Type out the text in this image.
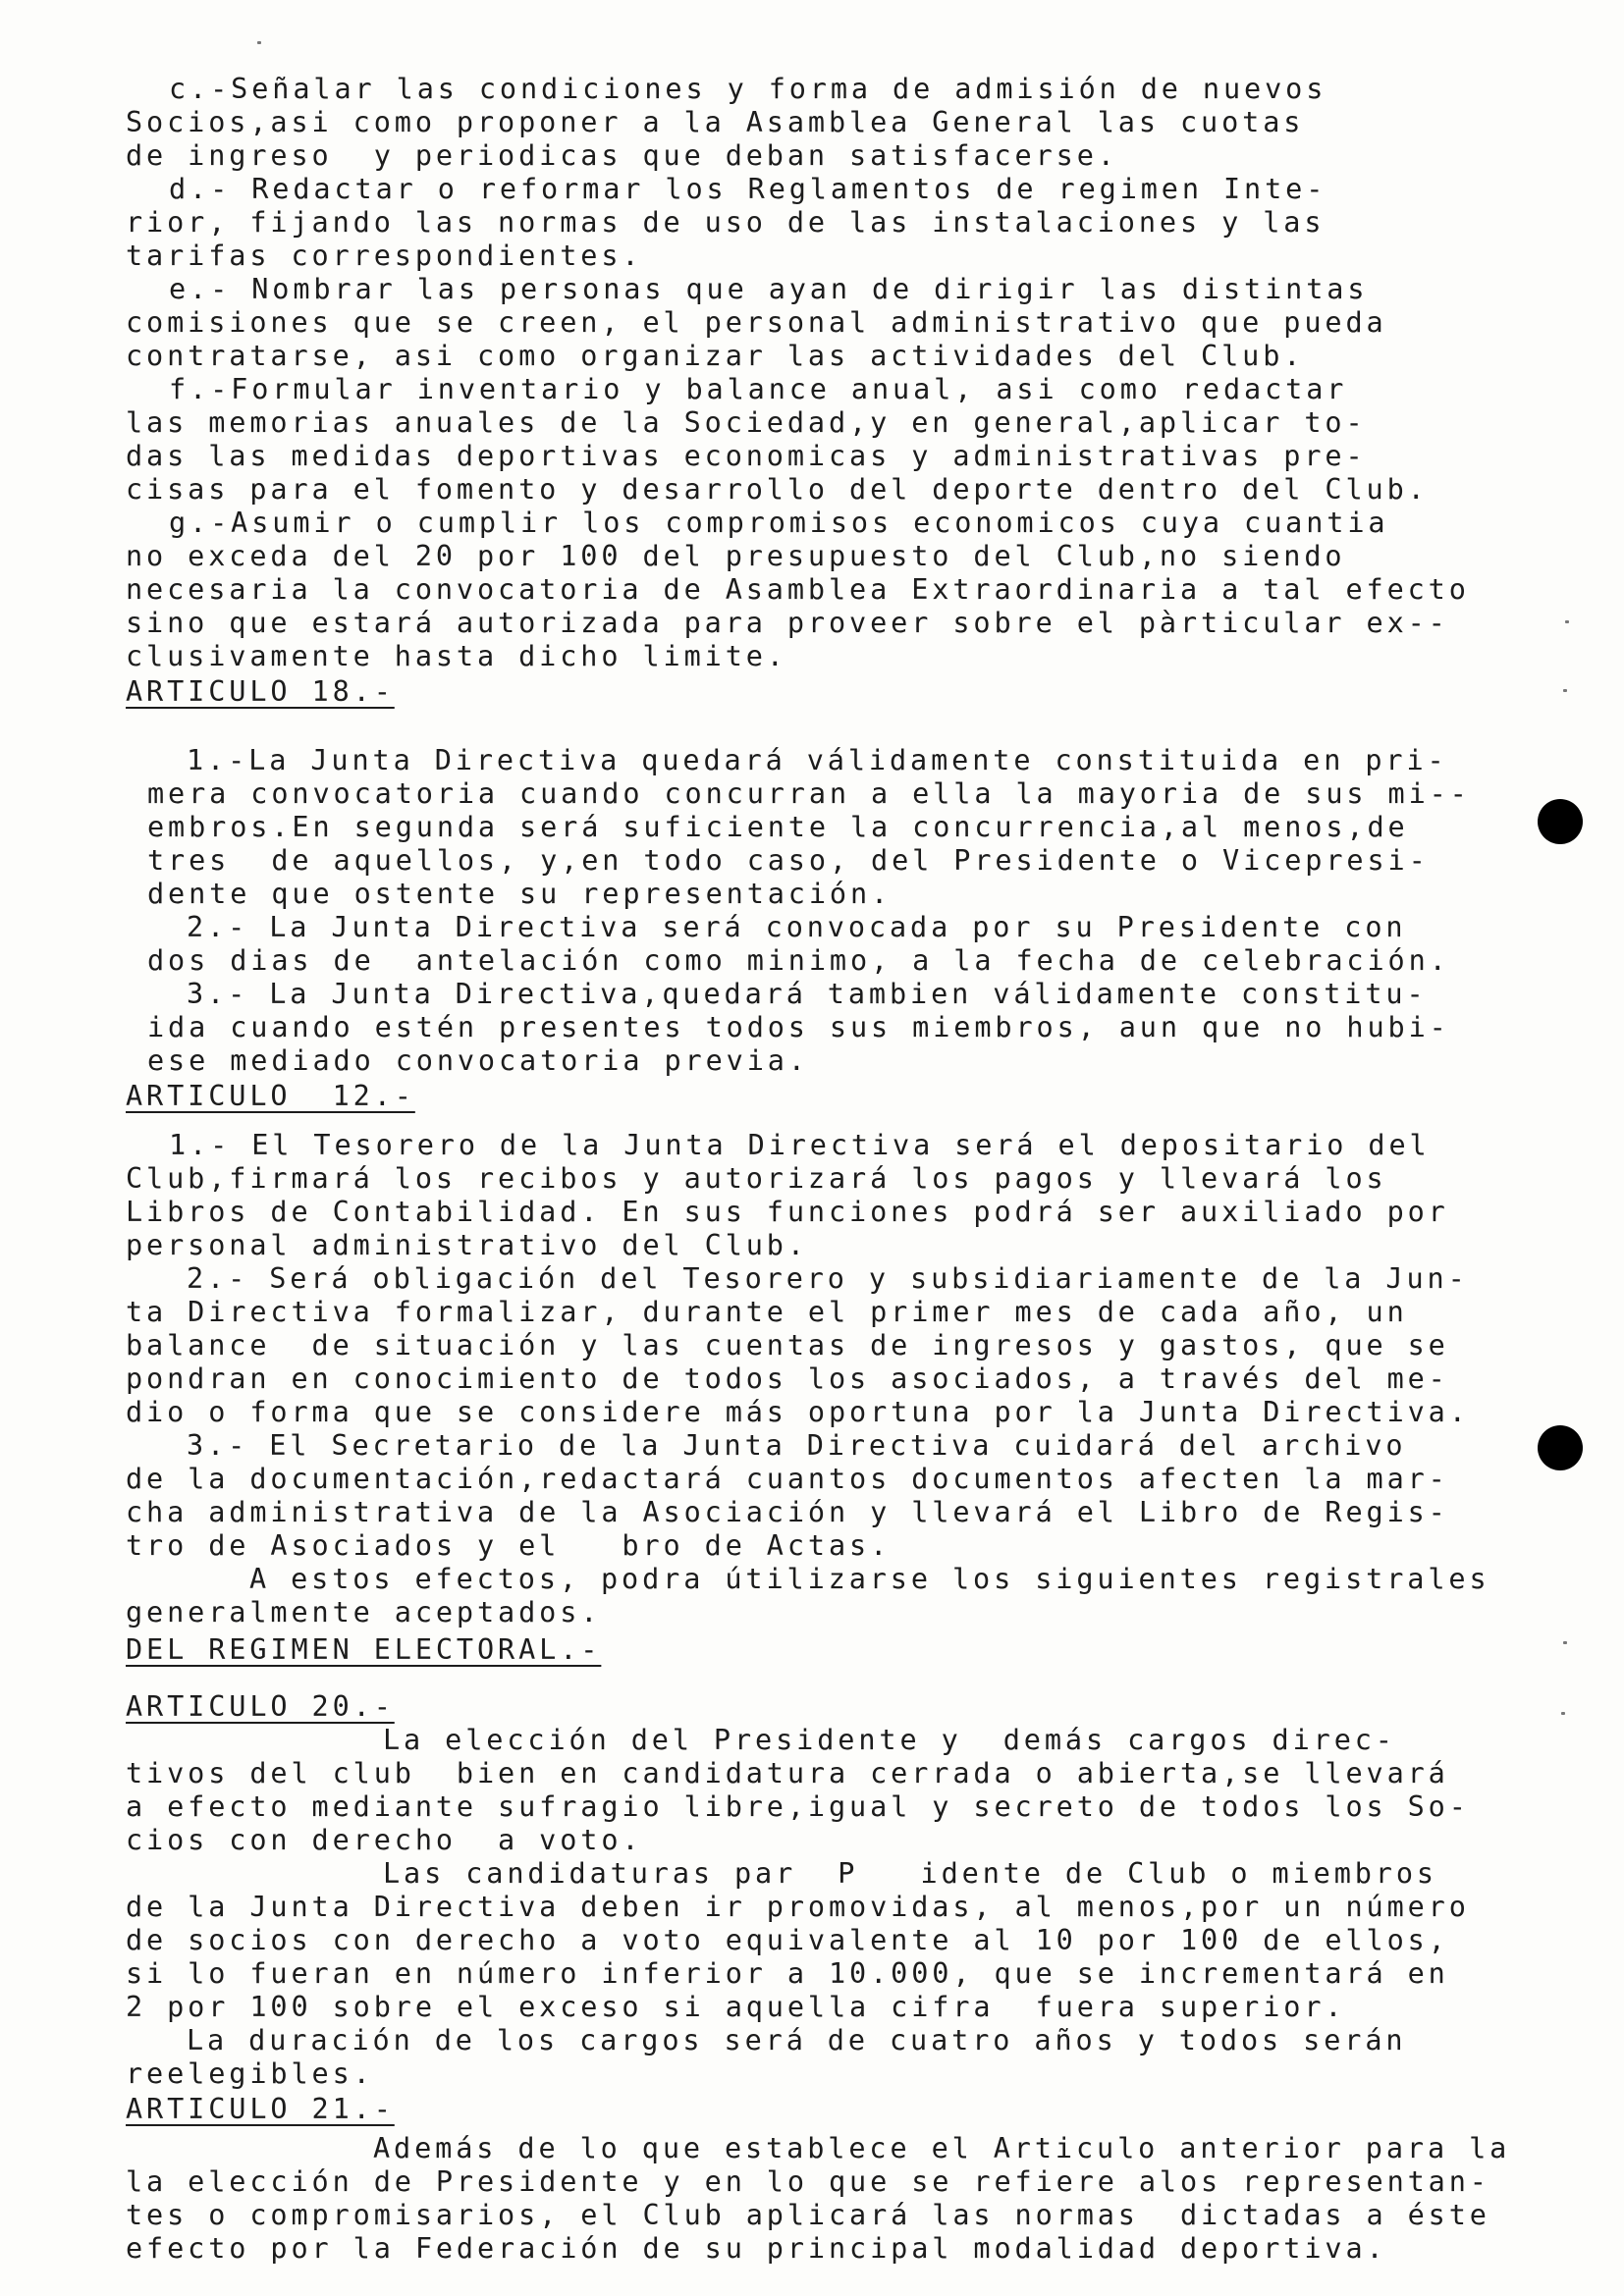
c.-Señalar las condiciones y forma de admisión de nuevos
Socios,asi como proponer a la Asamblea General las cuotas
de ingreso  y periodicas que deban satisfacerse.
d.- Redactar o reformar los Reglamentos de regimen Inte-
rior, fijando las normas de uso de las instalaciones y las
tarifas correspondientes.
e.- Nombrar las personas que ayan de dirigir las distintas
comisiones que se creen, el personal administrativo que pueda
contratarse, asi como organizar las actividades del Club.
f.-Formular inventario y balance anual, asi como redactar
las memorias anuales de la Sociedad,y en general,aplicar to-
das las medidas deportivas economicas y administrativas pre-
cisas para el fomento y desarrollo del deporte dentro del Club.
g.-Asumir o cumplir los compromisos economicos cuya cuantia
no exceda del 20 por 100 del presupuesto del Club,no siendo
necesaria la convocatoria de Asamblea Extraordinaria a tal efecto
sino que estará autorizada para proveer sobre el pàrticular ex--
clusivamente hasta dicho limite.
ARTICULO 18.-
1.-La Junta Directiva quedará válidamente constituida en pri-
mera convocatoria cuando concurran a ella la mayoria de sus mi--
embros.En segunda será suficiente la concurrencia,al menos,de
tres  de aquellos, y,en todo caso, del Presidente o Vicepresi-
dente que ostente su representación.
2.- La Junta Directiva será convocada por su Presidente con
dos dias de  antelación como minimo, a la fecha de celebración.
3.- La Junta Directiva,quedará tambien válidamente constitu-
ida cuando estén presentes todos sus miembros, aun que no hubi-
ese mediado convocatoria previa.
ARTICULO  12.-
1.- El Tesorero de la Junta Directiva será el depositario del
Club,firmará los recibos y autorizará los pagos y llevará los
Libros de Contabilidad. En sus funciones podrá ser auxiliado por
personal administrativo del Club.
2.- Será obligación del Tesorero y subsidiariamente de la Jun-
ta Directiva formalizar, durante el primer mes de cada año, un
balance  de situación y las cuentas de ingresos y gastos, que se
pondran en conocimiento de todos los asociados, a través del me-
dio o forma que se considere más oportuna por la Junta Directiva.
3.- El Secretario de la Junta Directiva cuidará del archivo
de la documentación,redactará cuantos documentos afecten la mar-
cha administrativa de la Asociación y llevará el Libro de Regis-
tro de Asociados y el   bro de Actas.
A estos efectos, podra útilizarse los siguientes registrales
generalmente aceptados.
DEL REGIMEN ELECTORAL.-
ARTICULO 20.-
La elección del Presidente y  demás cargos direc-
tivos del club  bien en candidatura cerrada o abierta,se llevará
a efecto mediante sufragio libre,igual y secreto de todos los So-
cios con derecho  a voto.
Las candidaturas par  P   idente de Club o miembros
de la Junta Directiva deben ir promovidas, al menos,por un número
de socios con derecho a voto equivalente al 10 por 100 de ellos,
si lo fueran en número inferior a 10.000, que se incrementará en
2 por 100 sobre el exceso si aquella cifra  fuera superior.
La duración de los cargos será de cuatro años y todos serán
reelegibles.
ARTICULO 21.-
Además de lo que establece el Articulo anterior para la
la elección de Presidente y en lo que se refiere alos representan-
tes o compromisarios, el Club aplicará las normas  dictadas a éste
efecto por la Federación de su principal modalidad deportiva.
